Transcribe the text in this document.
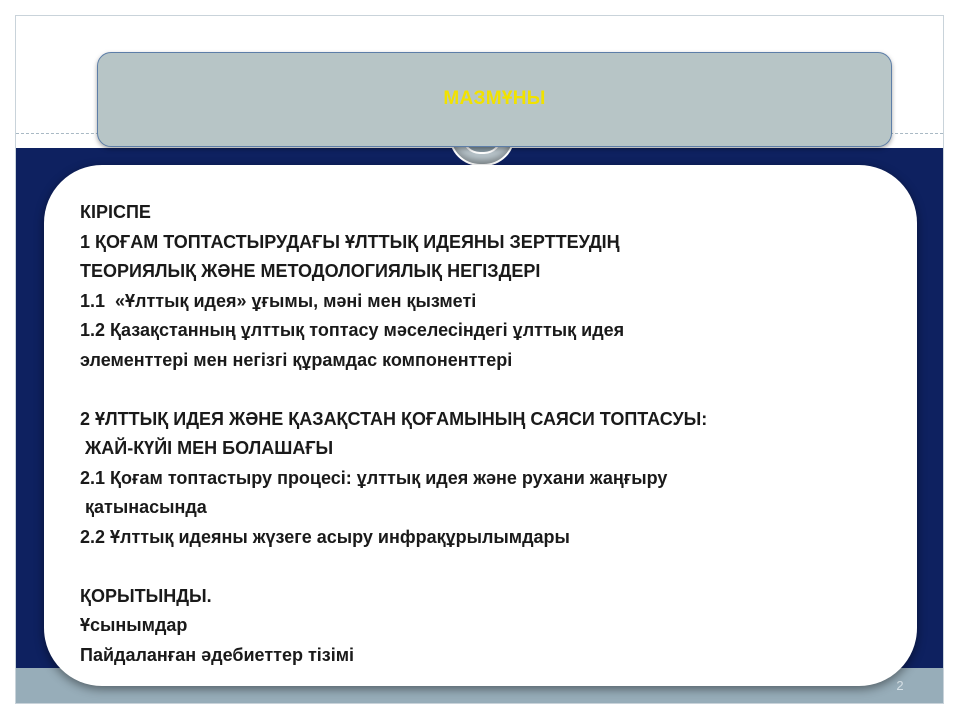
2
МАЗМҰНЫ
КІРІСПЕ
1 ҚОҒАМ ТОПТАСТЫРУДАҒЫ ҰЛТТЫҚ ИДЕЯНЫ ЗЕРТТЕУДІҢ
ТЕОРИЯЛЫҚ ЖӘНЕ МЕТОДОЛОГИЯЛЫҚ НЕГІЗДЕРІ
1.1  «Ұлттық идея» ұғымы, мәні мен қызметі
1.2 Қазақстанның ұлттық топтасу мәселесіндегі ұлттық идея
элементтері мен негізгі құрамдас компоненттері
2 ҰЛТТЫҚ ИДЕЯ ЖӘНЕ ҚАЗАҚСТАН ҚОҒАМЫНЫҢ САЯСИ ТОПТАСУЫ:
ЖАЙ-КҮЙІ МЕН БОЛАШАҒЫ
2.1 Қоғам топтастыру процесі: ұлттық идея және рухани жаңғыру
қатынасында
2.2 Ұлттық идеяны жүзеге асыру инфрақұрылымдары
ҚОРЫТЫНДЫ.
Ұсынымдар
Пайдаланған әдебиеттер тізімі
